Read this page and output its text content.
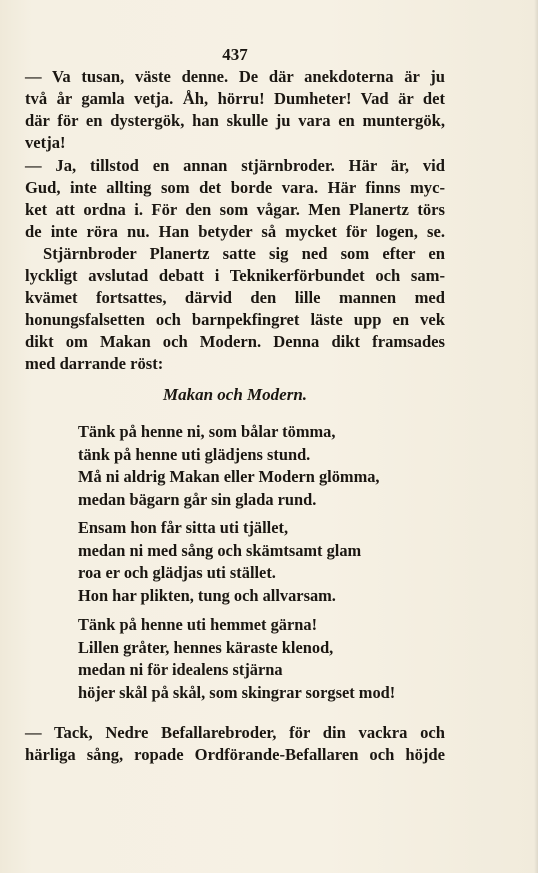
437
— Va tusan, väste denne. De där anekdoterna är ju
två år gamla vetja. Åh, hörru! Dumheter! Vad är det
där för en dystergök, han skulle ju vara en muntergök,
vetja!
— Ja, tillstod en annan stjärnbroder. Här är, vid
Gud, inte allting som det borde vara. Här finns myc-
ket att ordna i. För den som vågar. Men Planertz törs
de inte röra nu. Han betyder så mycket för logen, se.
Stjärnbroder Planertz satte sig ned som efter en
lyckligt avslutad debatt i Teknikerförbundet och sam-
kvämet fortsattes, därvid den lille mannen med
honungsfalsetten och barnpekfingret läste upp en vek
dikt om Makan och Modern. Denna dikt framsades
med darrande röst:
Makan och Modern.
Tänk på henne ni, som bålar tömma,
tänk på henne uti glädjens stund.
Må ni aldrig Makan eller Modern glömma,
medan bägarn går sin glada rund.
Ensam hon får sitta uti tjället,
medan ni med sång och skämtsamt glam
roa er och glädjas uti stället.
Hon har plikten, tung och allvarsam.
Tänk på henne uti hemmet gärna!
Lillen gråter, hennes käraste klenod,
medan ni för idealens stjärna
höjer skål på skål, som skingrar sorgset mod!
— Tack, Nedre Befallarebroder, för din vackra och
härliga sång, ropade Ordförande-Befallaren och höjde
